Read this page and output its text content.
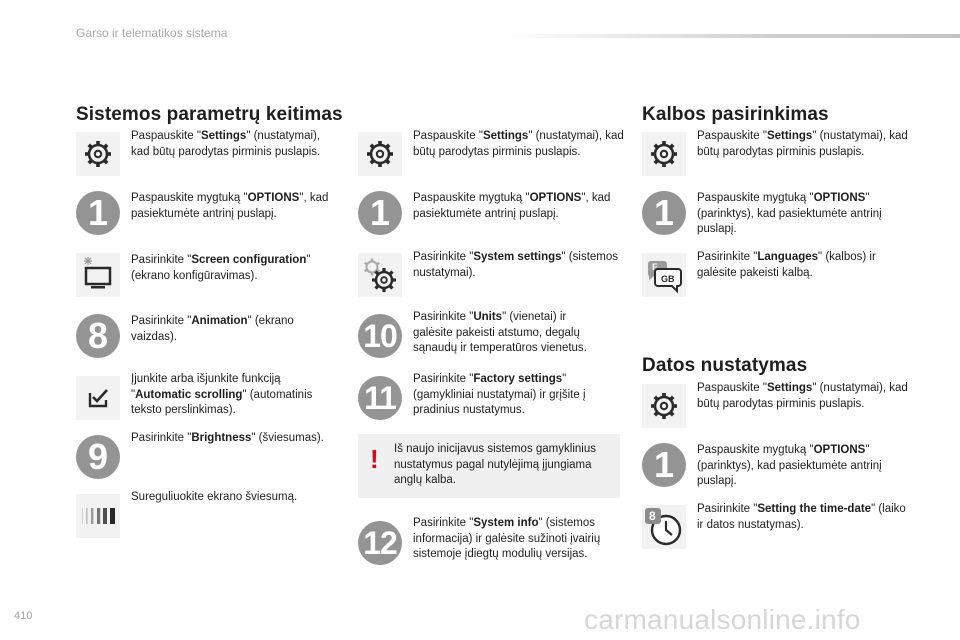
Garso ir telematikos sistema
Sistemos parametrų keitimas
Paspauskite "Settings" (nustatymai), kad būtų parodytas pirminis puslapis.
1	Paspauskite mygtuką "OPTIONS", kad pasiektumėte antrinį puslapį.
Pasirinkite "Screen configuration" (ekrano konfigūravimas).
8	Pasirinkite "Animation" (ekrano vaizdas).
Įjunkite arba išjunkite funkciją "Automatic scrolling" (automatinis teksto perslinkimas).
9	Pasirinkite "Brightness" (šviesumas).
Sureguliuokite ekrano šviesumą.
Paspauskite "Settings" (nustatymai), kad būtų parodytas pirminis puslapis.
1	Paspauskite mygtuką "OPTIONS", kad pasiektumėte antrinį puslapį.
Pasirinkite "System settings" (sistemos nustatymai).
10
Pasirinkite "Units" (vienetai) ir galėsite pakeisti atstumo, degalų sąnaudų ir temperatūros vienetus.
11
Pasirinkite "Factory settings" (gamykliniai nustatymai) ir grįšite į pradinius nustatymus.
! Iš naujo inicijavus sistemos gamyklinius nustatymus pagal nutylėjimą įjungiama anglų kalba.
12
Pasirinkite "System info" (sistemos informacija) ir galėsite sužinoti įvairių sistemoje įdiegtų modulių versijas.
Kalbos pasirinkimas
Paspauskite "Settings" (nustatymai), kad būtų parodytas pirminis puslapis.
1	Paspauskite mygtuką "OPTIONS" (parinktys), kad pasiektumėte antrinį puslapį.
F
GB
Pasirinkite "Languages" (kalbos) ir galėsite pakeisti kalbą.
Datos nustatymas
Paspauskite "Settings" (nustatymai), kad būtų parodytas pirminis puslapis.
1	Paspauskite mygtuką "OPTIONS" (parinktys), kad pasiektumėte antrinį puslapį.
8	Pasirinkite "Setting the time-date" (laiko ir datos nustatymas).
410	carmanualsonline.info
